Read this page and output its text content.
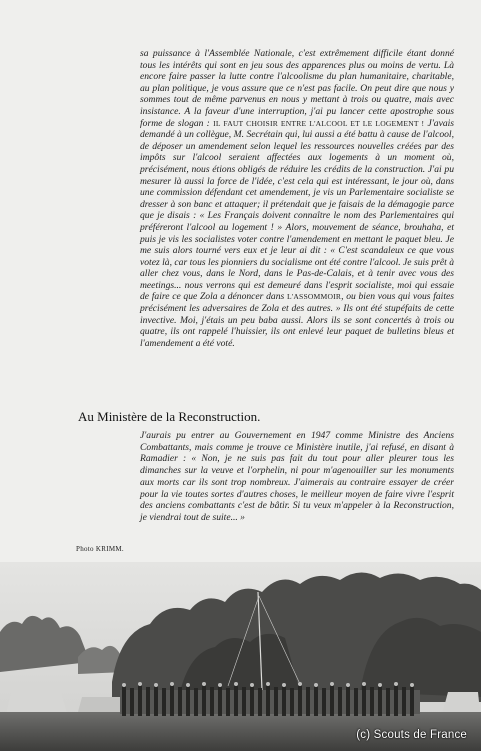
sa puissance à l'Assemblée Nationale, c'est extrêmement difficile étant donné tous les intérêts qui sont en jeu sous des apparences plus ou moins de vertu. Là encore faire passer la lutte contre l'alcoolisme du plan humanitaire, charitable, au plan politique, je vous assure que ce n'est pas facile. On peut dire que nous y sommes tout de même parvenus en nous y mettant à trois ou quatre, mais avec insistance. A la faveur d'une interruption, j'ai pu lancer cette apostrophe sous forme de slogan : IL FAUT CHOISIR ENTRE L'ALCOOL ET LE LOGEMENT ! J'avais demandé à un collègue, M. Secrétain qui, lui aussi a été battu à cause de l'alcool, de déposer un amendement selon lequel les ressources nouvelles créées par des impôts sur l'alcool seraient affectées aux logements à un moment où, précisément, nous étions obligés de réduire les crédits de la construction. J'ai pu mesurer là aussi la force de l'idée, c'est cela qui est intéressant, le jour où, dans une commission défendant cet amendement, je vis un Parlementaire socialiste se dresser à son banc et attaquer; il prétendait que je faisais de la démagogie parce que je disais : « Les Français doivent connaître le nom des Parlementaires qui préféreront l'alcool au logement ! » Alors, mouvement de séance, brouhaha, et puis je vis les socialistes voter contre l'amendement en mettant le paquet bleu. Je me suis alors tourné vers eux et je leur ai dit : « C'est scandaleux ce que vous votez là, car tous les pionniers du socialisme ont été contre l'alcool. Je suis prêt à aller chez vous, dans le Nord, dans le Pas-de-Calais, et à tenir avec vous des meetings... nous verrons qui est demeuré dans l'esprit socialiste, moi qui essaie de faire ce que Zola a dénoncer dans L'ASSOMMOIR, ou bien vous qui vous faites précisément les adversaires de Zola et des autres. » Ils ont été stupéfaits de cette invective. Moi, j'étais un peu baba aussi. Alors ils se sont concertés à trois ou quatre, ils ont rappelé l'huissier, ils ont enlevé leur paquet de bulletins bleus et l'amendement a été voté.

Au Ministère de la Reconstruction.

J'aurais pu entrer au Gouvernement en 1947 comme Ministre des Anciens Combattants, mais comme je trouve ce Ministère inutile, j'ai refusé, en disant à Ramadier : « Non, je ne suis pas fait du tout pour aller pleurer tous les dimanches sur la veuve et l'orphelin, ni pour m'agenouiller sur les monuments aux morts car ils sont trop nombreux. J'aimerais au contraire essayer de créer pour la vie toutes sortes d'autres choses, le meilleur moyen de faire vivre l'esprit des anciens combattants c'est de bâtir. Si tu veux m'appeler à la Reconstruction, je viendrai tout de suite... »

Photo KRIMM.

(c) Scouts de France
